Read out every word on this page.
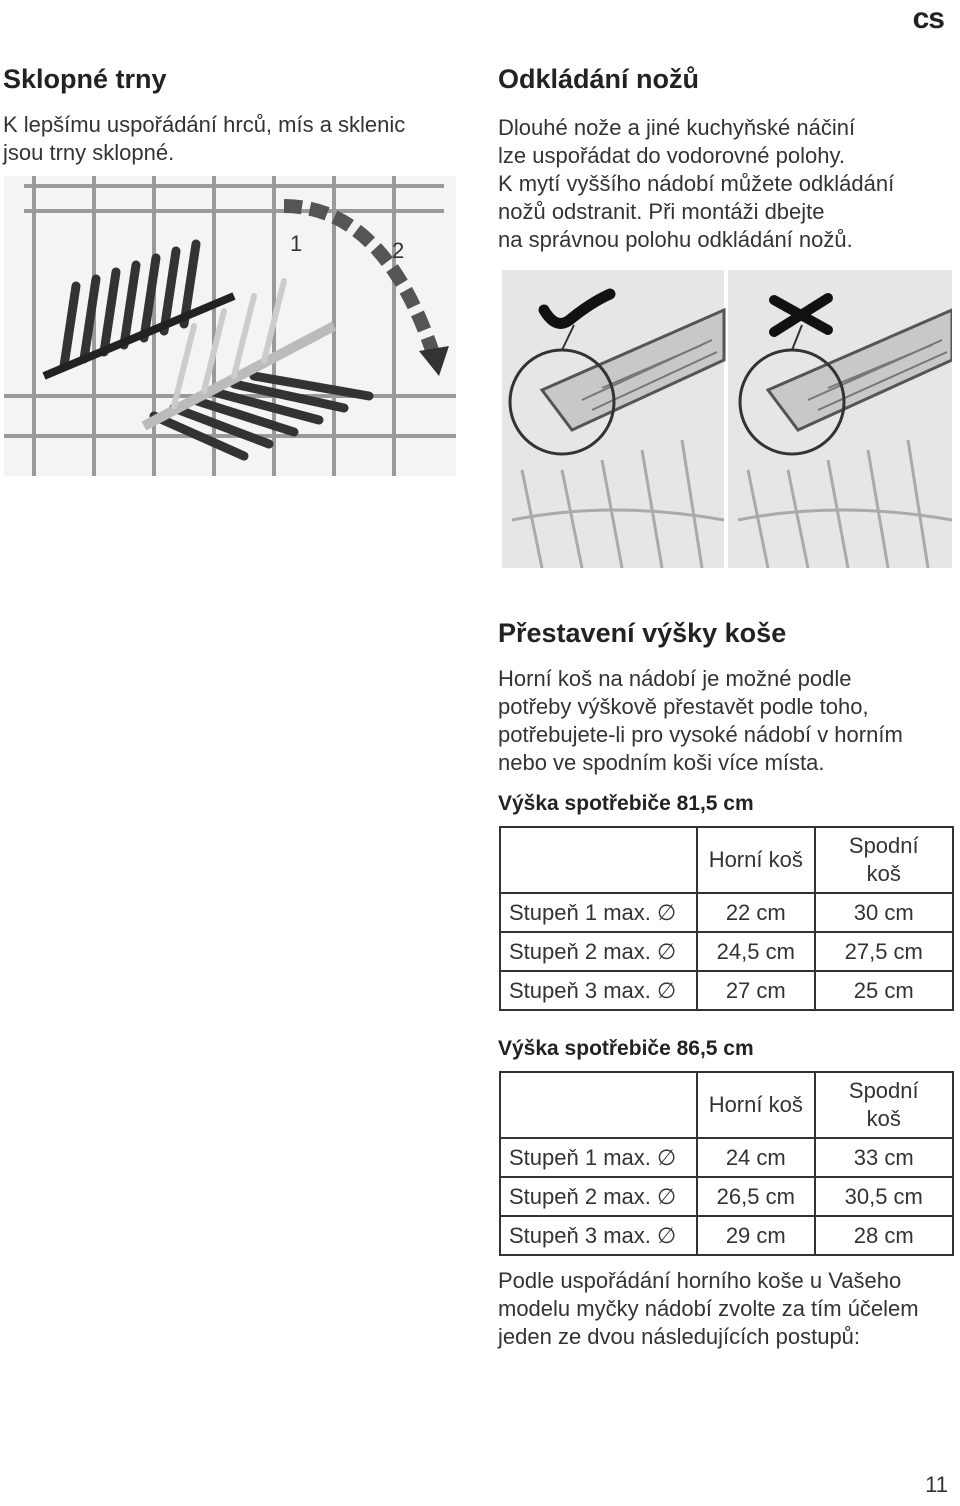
cs
Sklopné trny
K lepšímu uspořádání hrců, mís a sklenic
jsou trny sklopné.
1	2
Odkládání nožů
Dlouhé nože a jiné kuchyňské náčiní
lze uspořádat do vodorovné polohy.
K mytí vyššího nádobí můžete odkládání
nožů odstranit. Při montáži dbejte
na správnou polohu odkládání nožů.
Přestavení výšky koše
Horní koš na nádobí je možné podle
potřeby výškově přestavět podle toho,
potřebujete-li pro vysoké nádobí v horním
nebo ve spodním koši více místa.
Výška spotřebiče 81,5 cm
	Horní koš	Spodní
koš

Stupeň 1 max. ∅	22 cm	30 cm
Stupeň 2 max. ∅	24,5 cm	27,5 cm
Stupeň 3 max. ∅	27 cm	25 cm
Výška spotřebiče 86,5 cm
	Horní koš	Spodní
koš

Stupeň 1 max. ∅	24 cm	33 cm
Stupeň 2 max. ∅	26,5 cm	30,5 cm
Stupeň 3 max. ∅	29 cm	28 cm
Podle uspořádání horního koše u Vašeho
modelu myčky nádobí zvolte za tím účelem
jeden ze dvou následujících postupů:
11
